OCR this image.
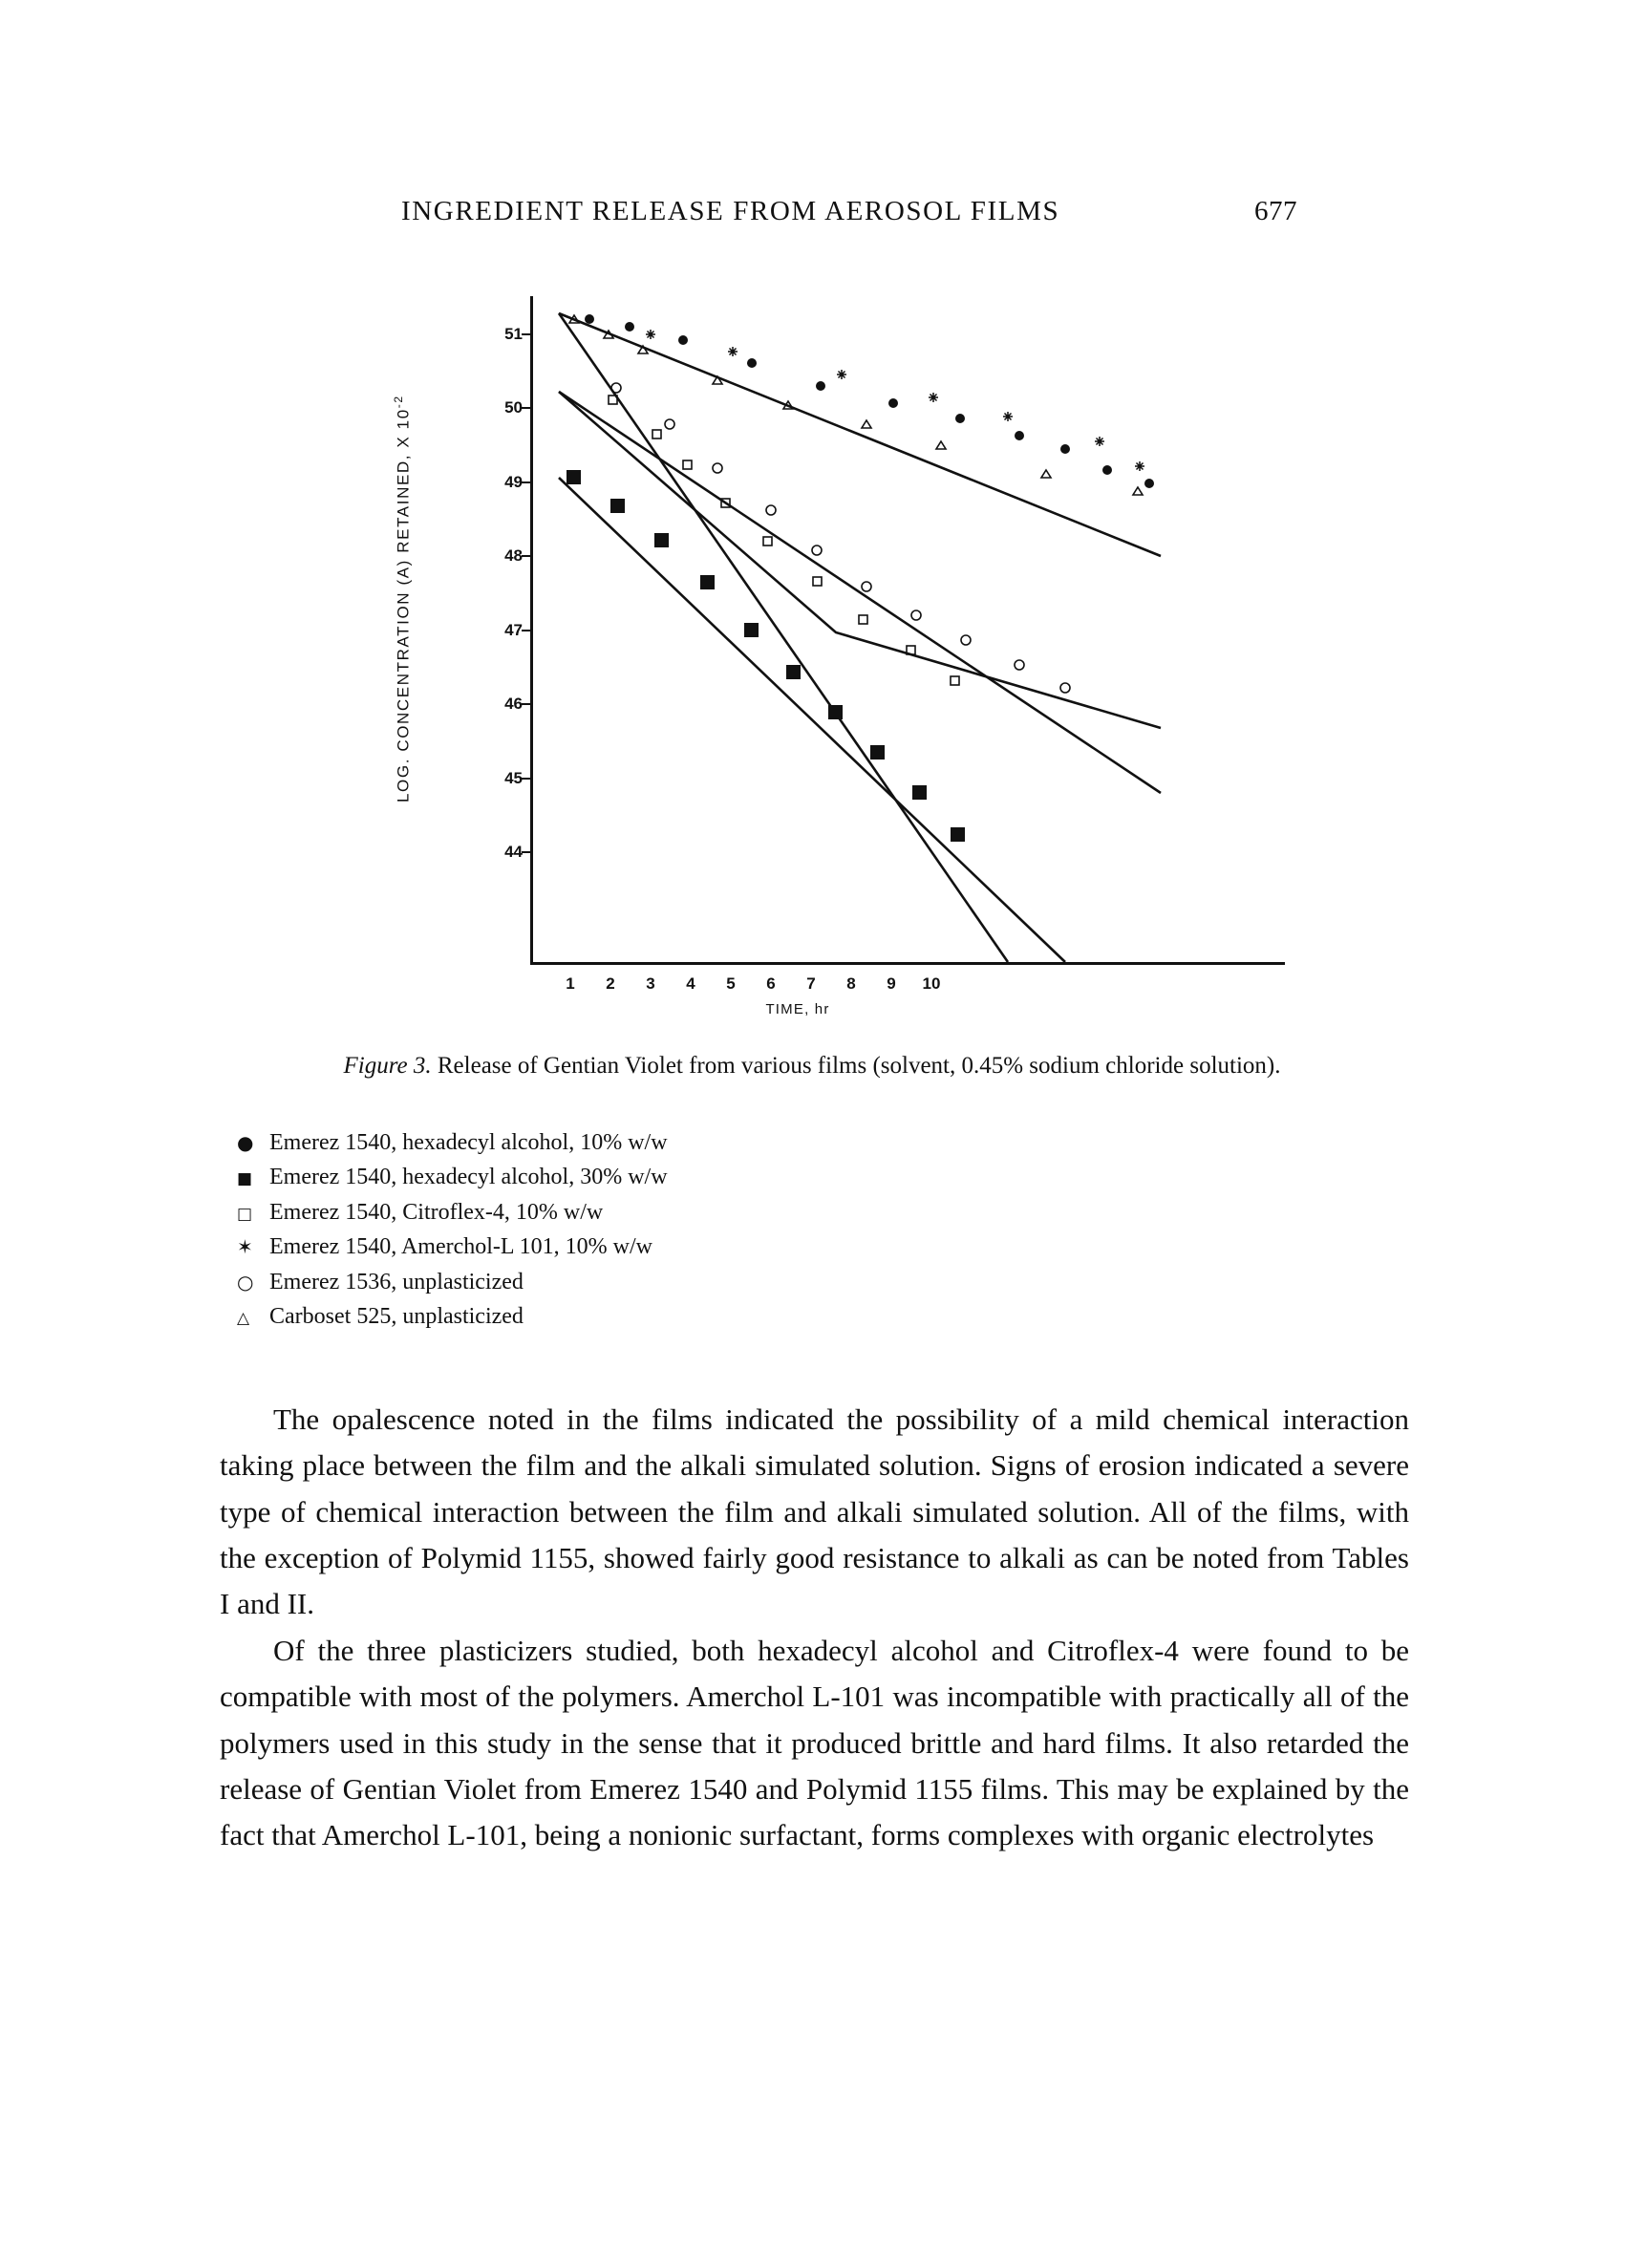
INGREDIENT RELEASE FROM AEROSOL FILMS	677
LOG. CONCENTRATION (A) RETAINED, X $10^{-2}$
51
50
49
48
47
46
45
44
1 2 3 4 5 6 7 8 9 10
TIME, hr
Figure 3. Release of Gentian Violet from various films (solvent, 0.45% sodium chloride solution).
● Emerez 1540, hexadecyl alcohol, 10% w/w
■ Emerez 1540, hexadecyl alcohol, 30% w/w
□ Emerez 1540, Citroflex-4, 10% w/w
✶ Emerez 1540, Amerchol-L 101, 10% w/w
○ Emerez 1536, unplasticized
△ Carboset 525, unplasticized

The opalescence noted in the films indicated the possibility of a mild chemical interaction taking place between the film and the alkali simulated solution. Signs of erosion indicated a severe type of chemical interaction between the film and alkali simulated solution. All of the films, with the exception of Polymid 1155, showed fairly good resistance to alkali as can be noted from Tables I and II.

Of the three plasticizers studied, both hexadecyl alcohol and Citroflex-4 were found to be compatible with most of the polymers. Amerchol L-101 was incompatible with practically all of the polymers used in this study in the sense that it produced brittle and hard films. It also retarded the release of Gentian Violet from Emerez 1540 and Polymid 1155 films. This may be explained by the fact that Amerchol L-101, being a nonionic surfactant, forms complexes with organic electrolytes
